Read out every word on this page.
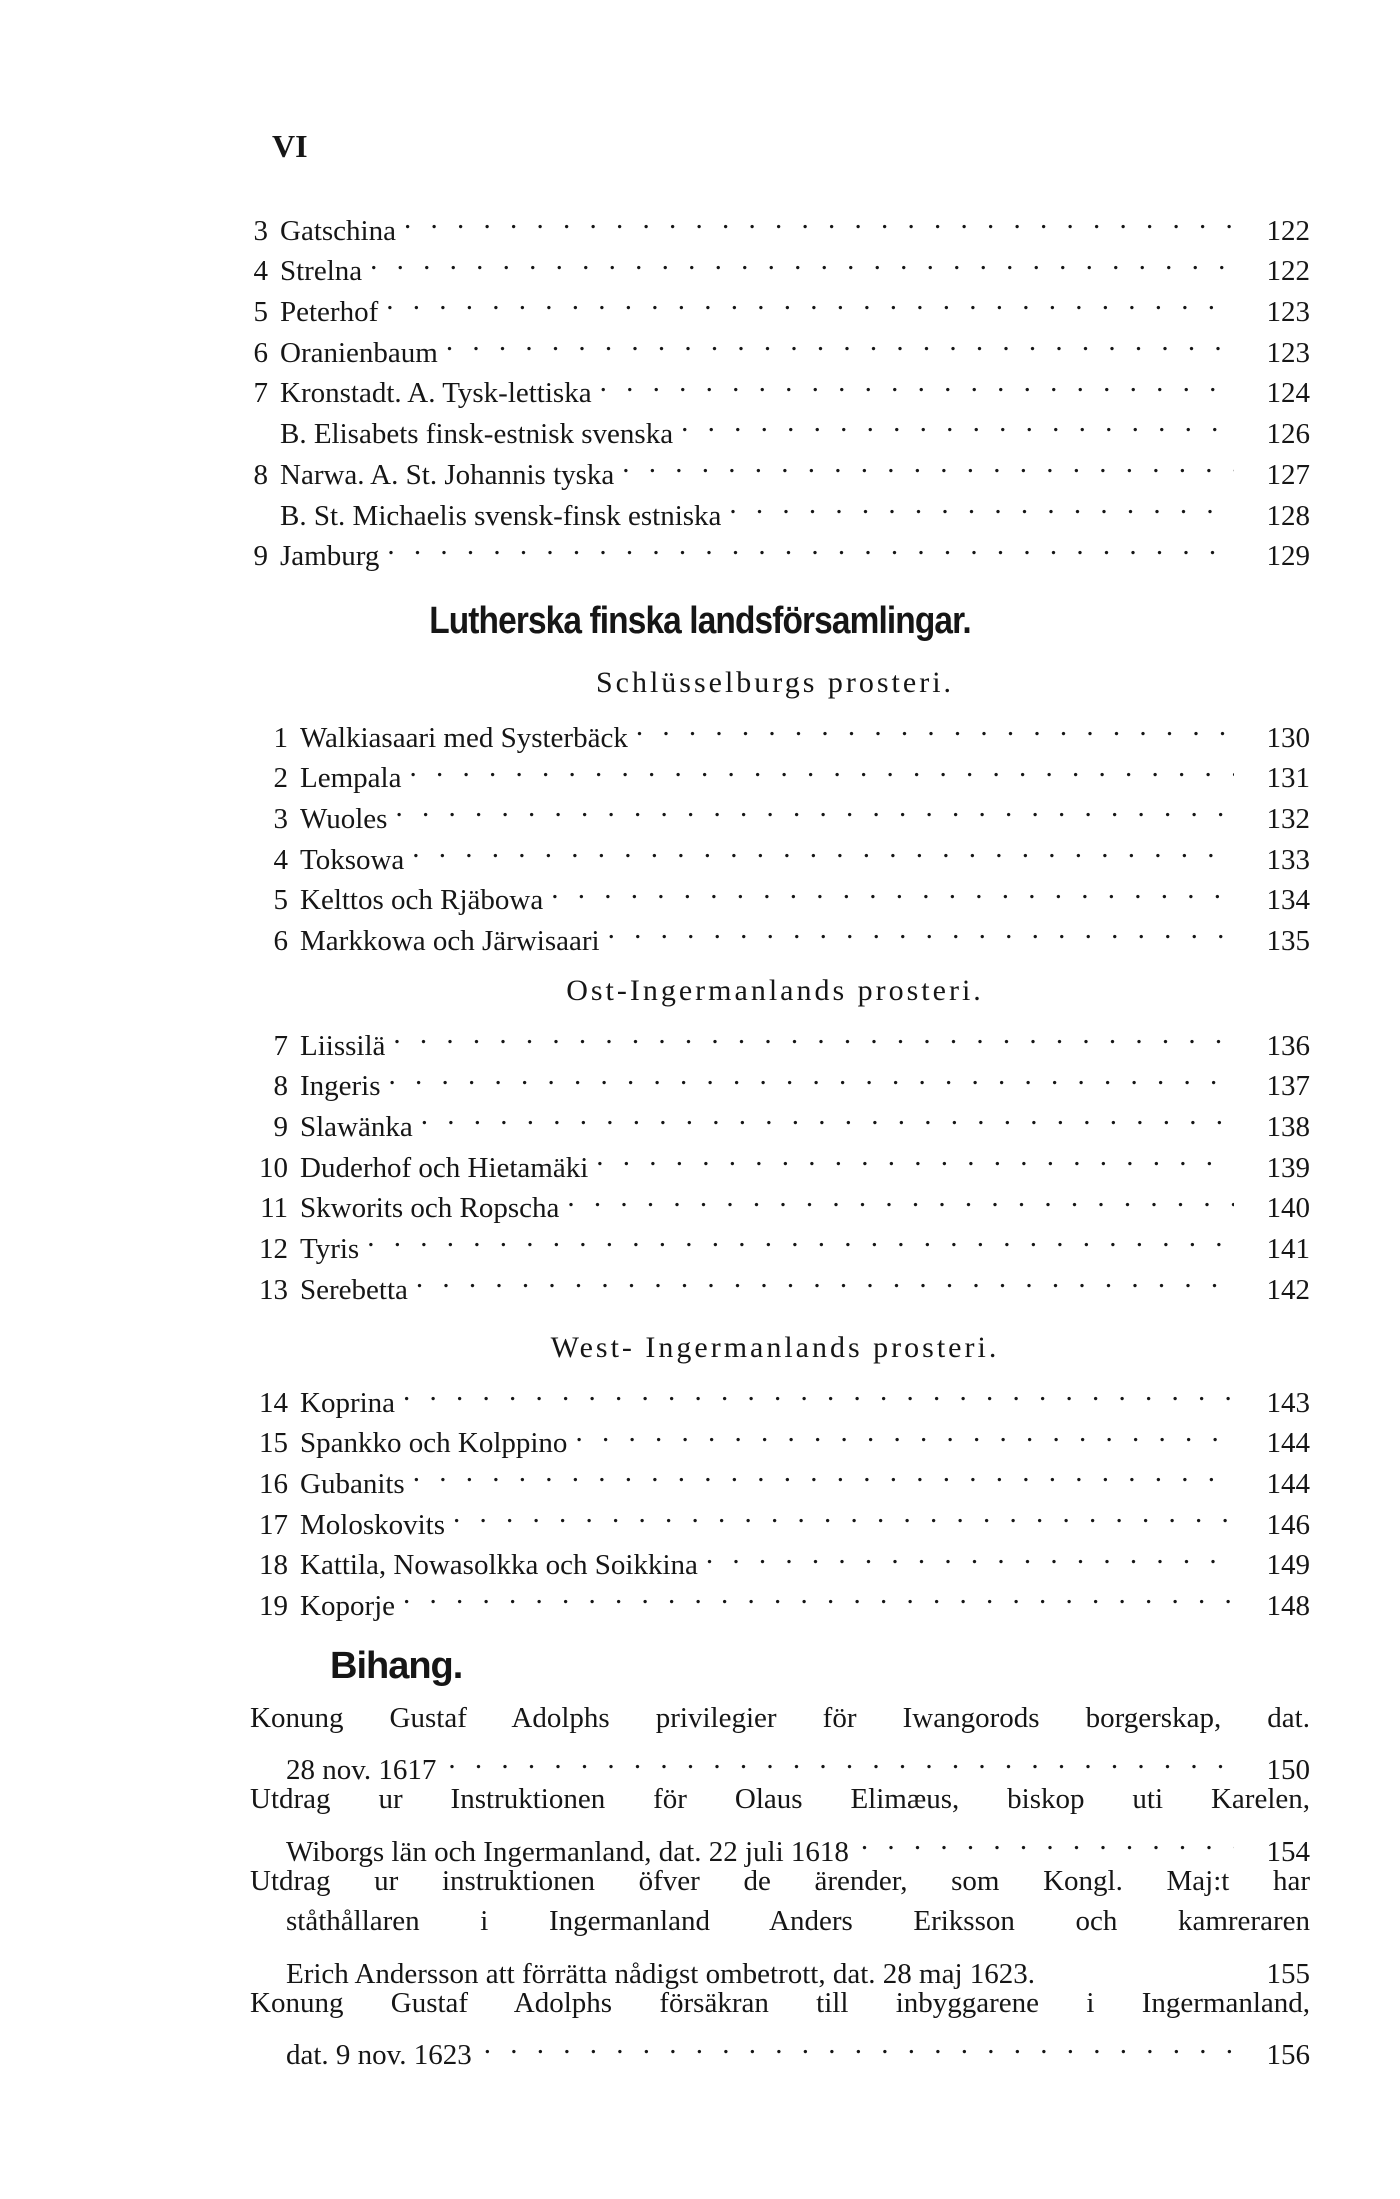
VI
3 Gatschina . . .	122
4 Strelna . . .	122
5 Peterhof . . .	123
6 Oranienbaum . . .	123
7 Kronstadt. A. Tysk-lettiska . . .	124
B. Elisabets finsk-estnisk svenska . . .	126
8 Narwa. A. St. Johannis tyska . . .	127
B. St. Michaelis svensk-finsk estniska . . .	128
9 Jamburg . . .	129
Lutherska finska landsförsamlingar.
Schlüsselburgs prosteri.
1 Walkiasaari med Systerbäck . . .	130
2 Lempala . . .	131
3 Wuoles . . .	132
4 Toksowa . . .	133
5 Kelttos och Rjäbowa . . .	134
6 Markkowa och Järwisaari . . .	135
Ost-Ingermanlands prosteri.
7 Liissilä . . .	136
8 Ingeris . . .	137
9 Slawänka . . .	138
10 Duderhof och Hietamäki . . .	139
11 Skworits och Ropscha . . .	140
12 Tyris . . .	141
13 Serebetta . . .	142
West- Ingermanlands prosteri.
14 Koprina . . .	143
15 Spankko och Kolppino . . .	144
16 Gubanits . . .	144
17 Moloskovits . . .	146
18 Kattila, Nowasolkka och Soikkina . . .	149
19 Koporje . . .	148
Bihang.
Konung Gustaf Adolphs privilegier för Iwangorods borgerskap, dat.
28 nov. 1617 . . .	150
Utdrag ur Instruktionen för Olaus Elimæus, biskop uti Karelen,
Wiborgs län och Ingermanland, dat. 22 juli 1618 . . .	154
Utdrag ur instruktionen öfver de ärender, som Kongl. Maj:t har
ståthållaren i Ingermanland Anders Eriksson och kamreraren
Erich Andersson att förrätta nådigst ombetrott, dat. 28 maj 1623.	155
Konung Gustaf Adolphs försäkran till inbyggarene i Ingermanland,
dat. 9 nov. 1623 . . .	156
